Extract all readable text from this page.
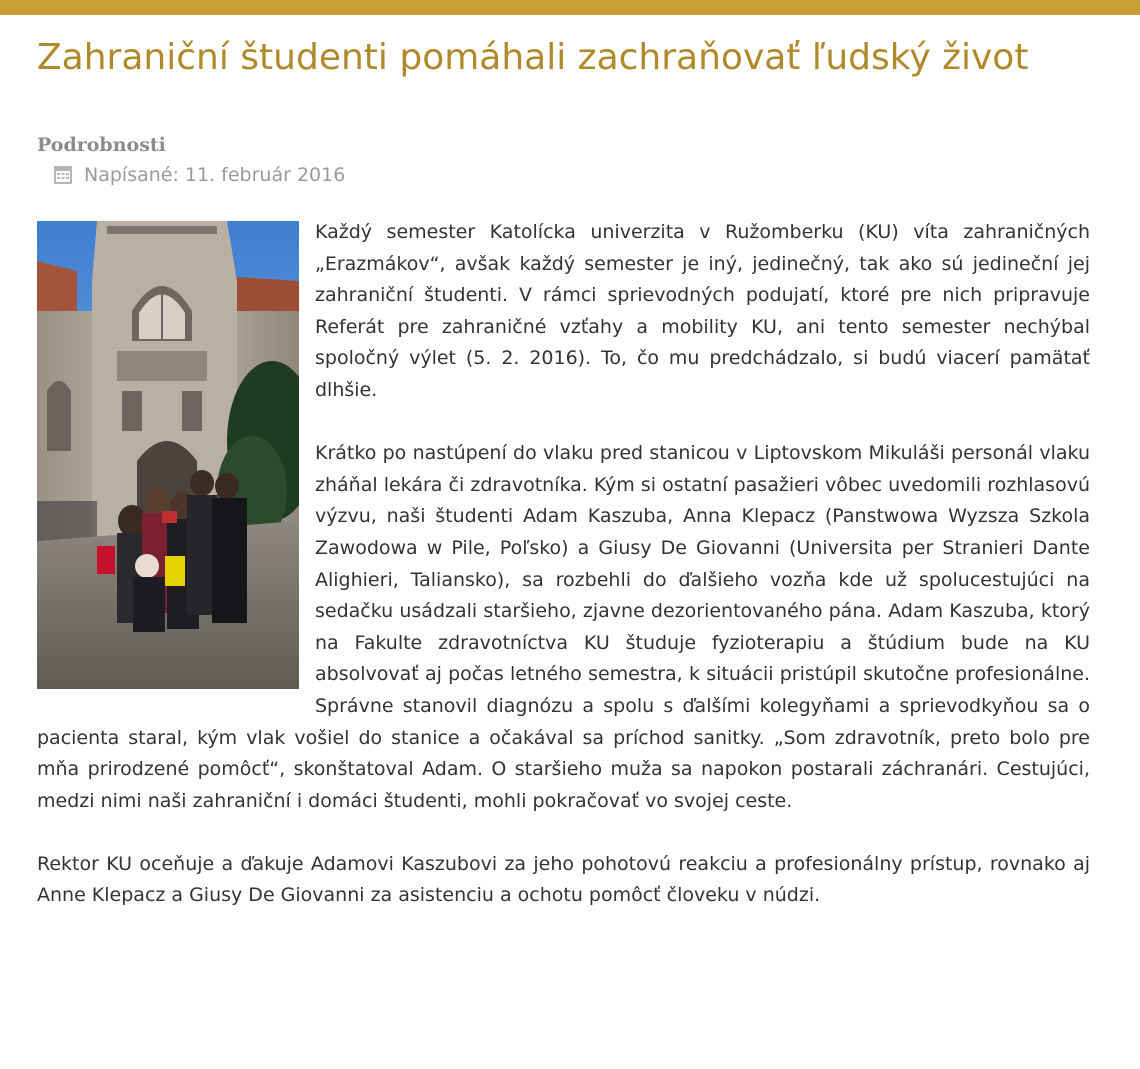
Zahraniční študenti pomáhali zachraňovať ľudský život
Podrobnosti
Napísané: 11. február 2016

Každý semester Katolícka univerzita v Ružomberku (KU) víta zahraničných „Erazmákov“, avšak každý semester je iný, jedinečný, tak ako sú jedineční jej zahraniční študenti. V rámci sprievodných podujatí, ktoré pre nich pripravuje Referát pre zahraničné vzťahy a mobility KU, ani tento semester nechýbal spoločný výlet (5. 2. 2016). To, čo mu predchádzalo, si budú viacerí pamätať dlhšie.

Krátko po nastúpení do vlaku pred stanicou v Liptovskom Mikuláši personál vlaku zháňal lekára či zdravotníka. Kým si ostatní pasažieri vôbec uvedomili rozhlasovú výzvu, naši študenti Adam Kaszuba, Anna Klepacz (Panstwowa Wyzsza Szkola Zawodowa w Pile, Poľsko) a Giusy De Giovanni (Universita per Stranieri Dante Alighieri, Taliansko), sa rozbehli do ďalšieho vozňa kde už spolucestujúci na sedačku usádzali staršieho, zjavne dezorientovaného pána. Adam Kaszuba, ktorý na Fakulte zdravotníctva KU študuje fyzioterapiu a štúdium bude na KU absolvovať aj počas letného semestra, k situácii pristúpil skutočne profesionálne. Správne stanovil diagnózu a spolu s ďalšími kolegyňami a sprievodkyňou sa o pacienta staral, kým vlak vošiel do stanice a očakával sa príchod sanitky. „Som zdravotník, preto bolo pre mňa prirodzené pomôcť“, skonštatoval Adam. O staršieho muža sa napokon postarali záchranári. Cestujúci, medzi nimi naši zahraniční i domáci študenti, mohli pokračovať vo svojej ceste.

Rektor KU oceňuje a ďakuje Adamovi Kaszubovi za jeho pohotovú reakciu a profesionálny prístup, rovnako aj Anne Klepacz a Giusy De Giovanni za asistenciu a ochotu pomôcť človeku v núdzi.
